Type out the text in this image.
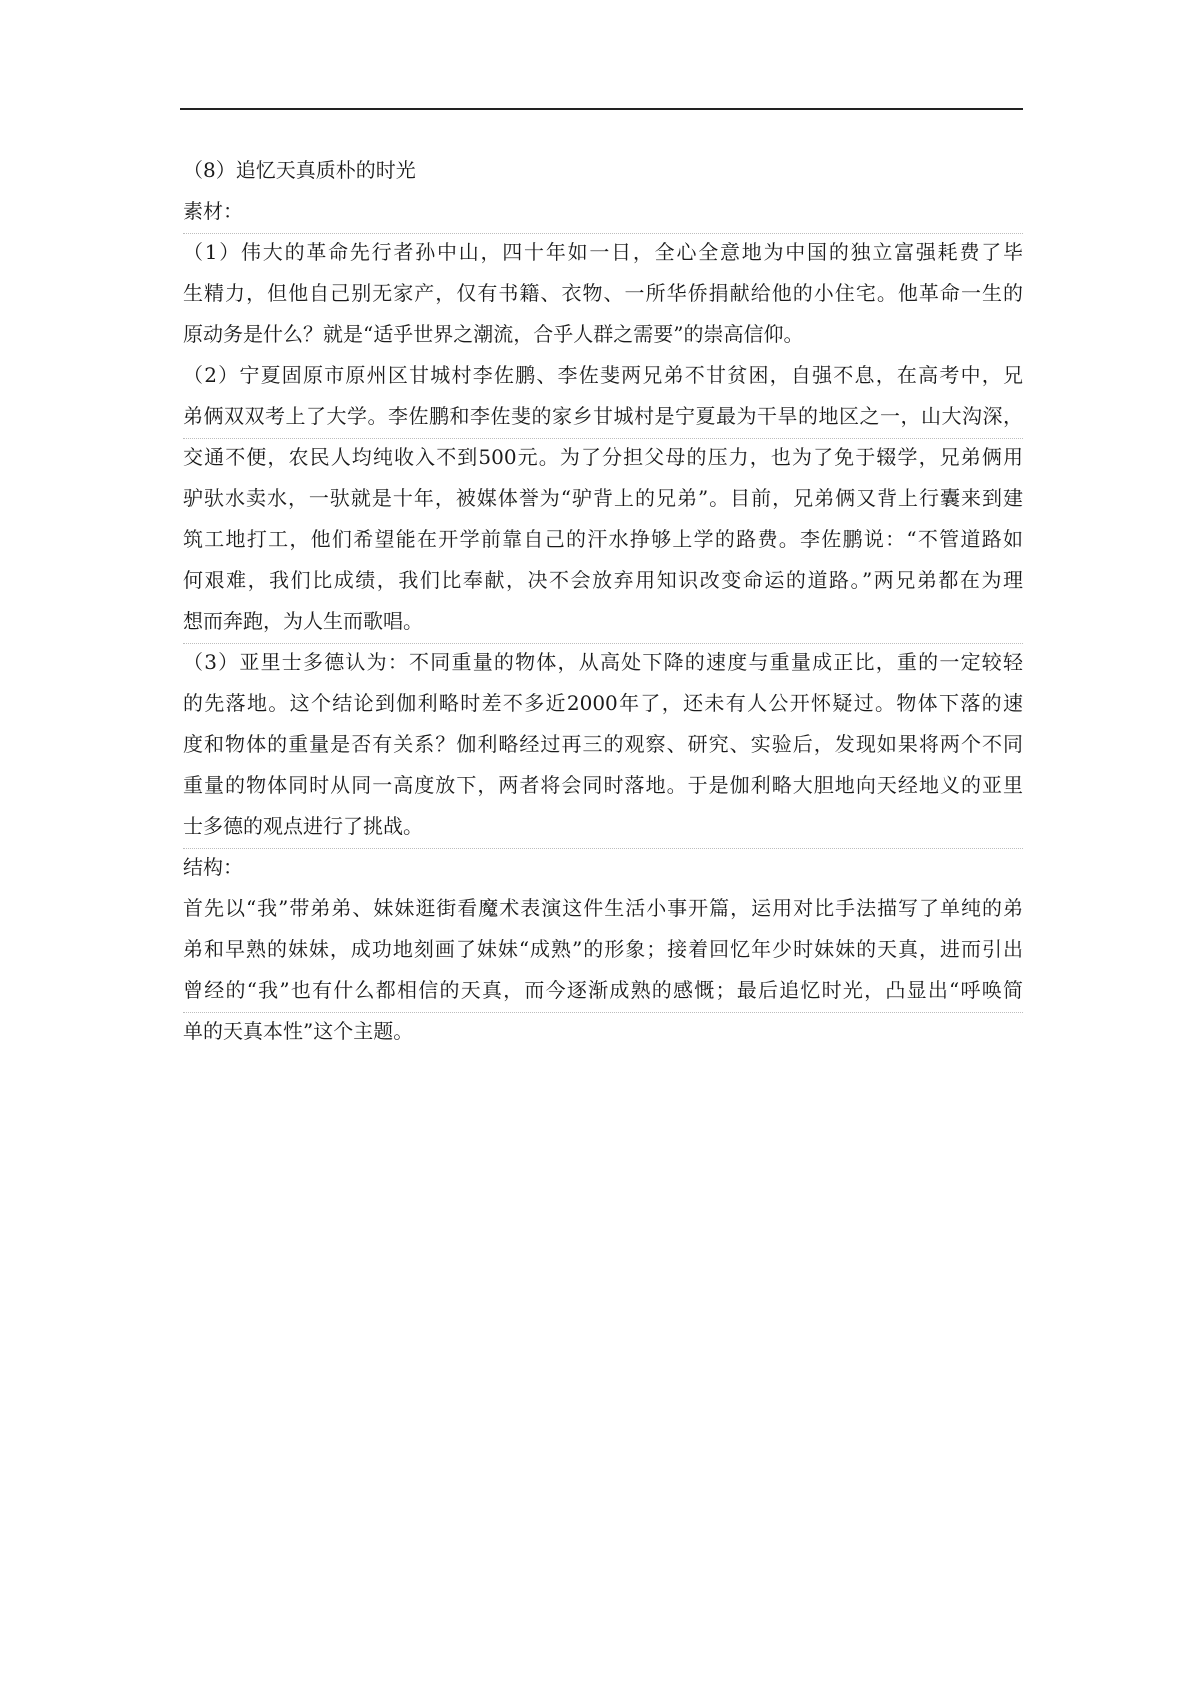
（8）追忆天真质朴的时光
素材：
（1）伟大的革命先行者孙中山，四十年如一日，全心全意地为中国的独立富强耗费了毕
生精力，但他自己别无家产，仅有书籍、衣物、一所华侨捐献给他的小住宅。他革命一生的
原动务是什么？就是“适乎世界之潮流，合乎人群之需要”的崇高信仰。
（2）宁夏固原市原州区甘城村李佐鹏、李佐斐两兄弟不甘贫困，自强不息，在高考中，兄
弟俩双双考上了大学。李佐鹏和李佐斐的家乡甘城村是宁夏最为干旱的地区之一，山大沟深，
交通不便，农民人均纯收入不到500元。为了分担父母的压力，也为了免于辍学，兄弟俩用
驴驮水卖水，一驮就是十年，被媒体誉为“驴背上的兄弟”。目前，兄弟俩又背上行囊来到建
筑工地打工，他们希望能在开学前靠自己的汗水挣够上学的路费。李佐鹏说：“不管道路如
何艰难，我们比成绩，我们比奉献，决不会放弃用知识改变命运的道路。”两兄弟都在为理
想而奔跑，为人生而歌唱。
（3）亚里士多德认为：不同重量的物体，从高处下降的速度与重量成正比，重的一定较轻
的先落地。这个结论到伽利略时差不多近2000年了，还未有人公开怀疑过。物体下落的速
度和物体的重量是否有关系？伽利略经过再三的观察、研究、实验后，发现如果将两个不同
重量的物体同时从同一高度放下，两者将会同时落地。于是伽利略大胆地向天经地义的亚里
士多德的观点进行了挑战。
结构：
首先以“我”带弟弟、妹妹逛街看魔术表演这件生活小事开篇，运用对比手法描写了单纯的弟
弟和早熟的妹妹，成功地刻画了妹妹“成熟”的形象；接着回忆年少时妹妹的天真，进而引出
曾经的“我”也有什么都相信的天真，而今逐渐成熟的感慨；最后追忆时光，凸显出“呼唤简
单的天真本性”这个主题。
